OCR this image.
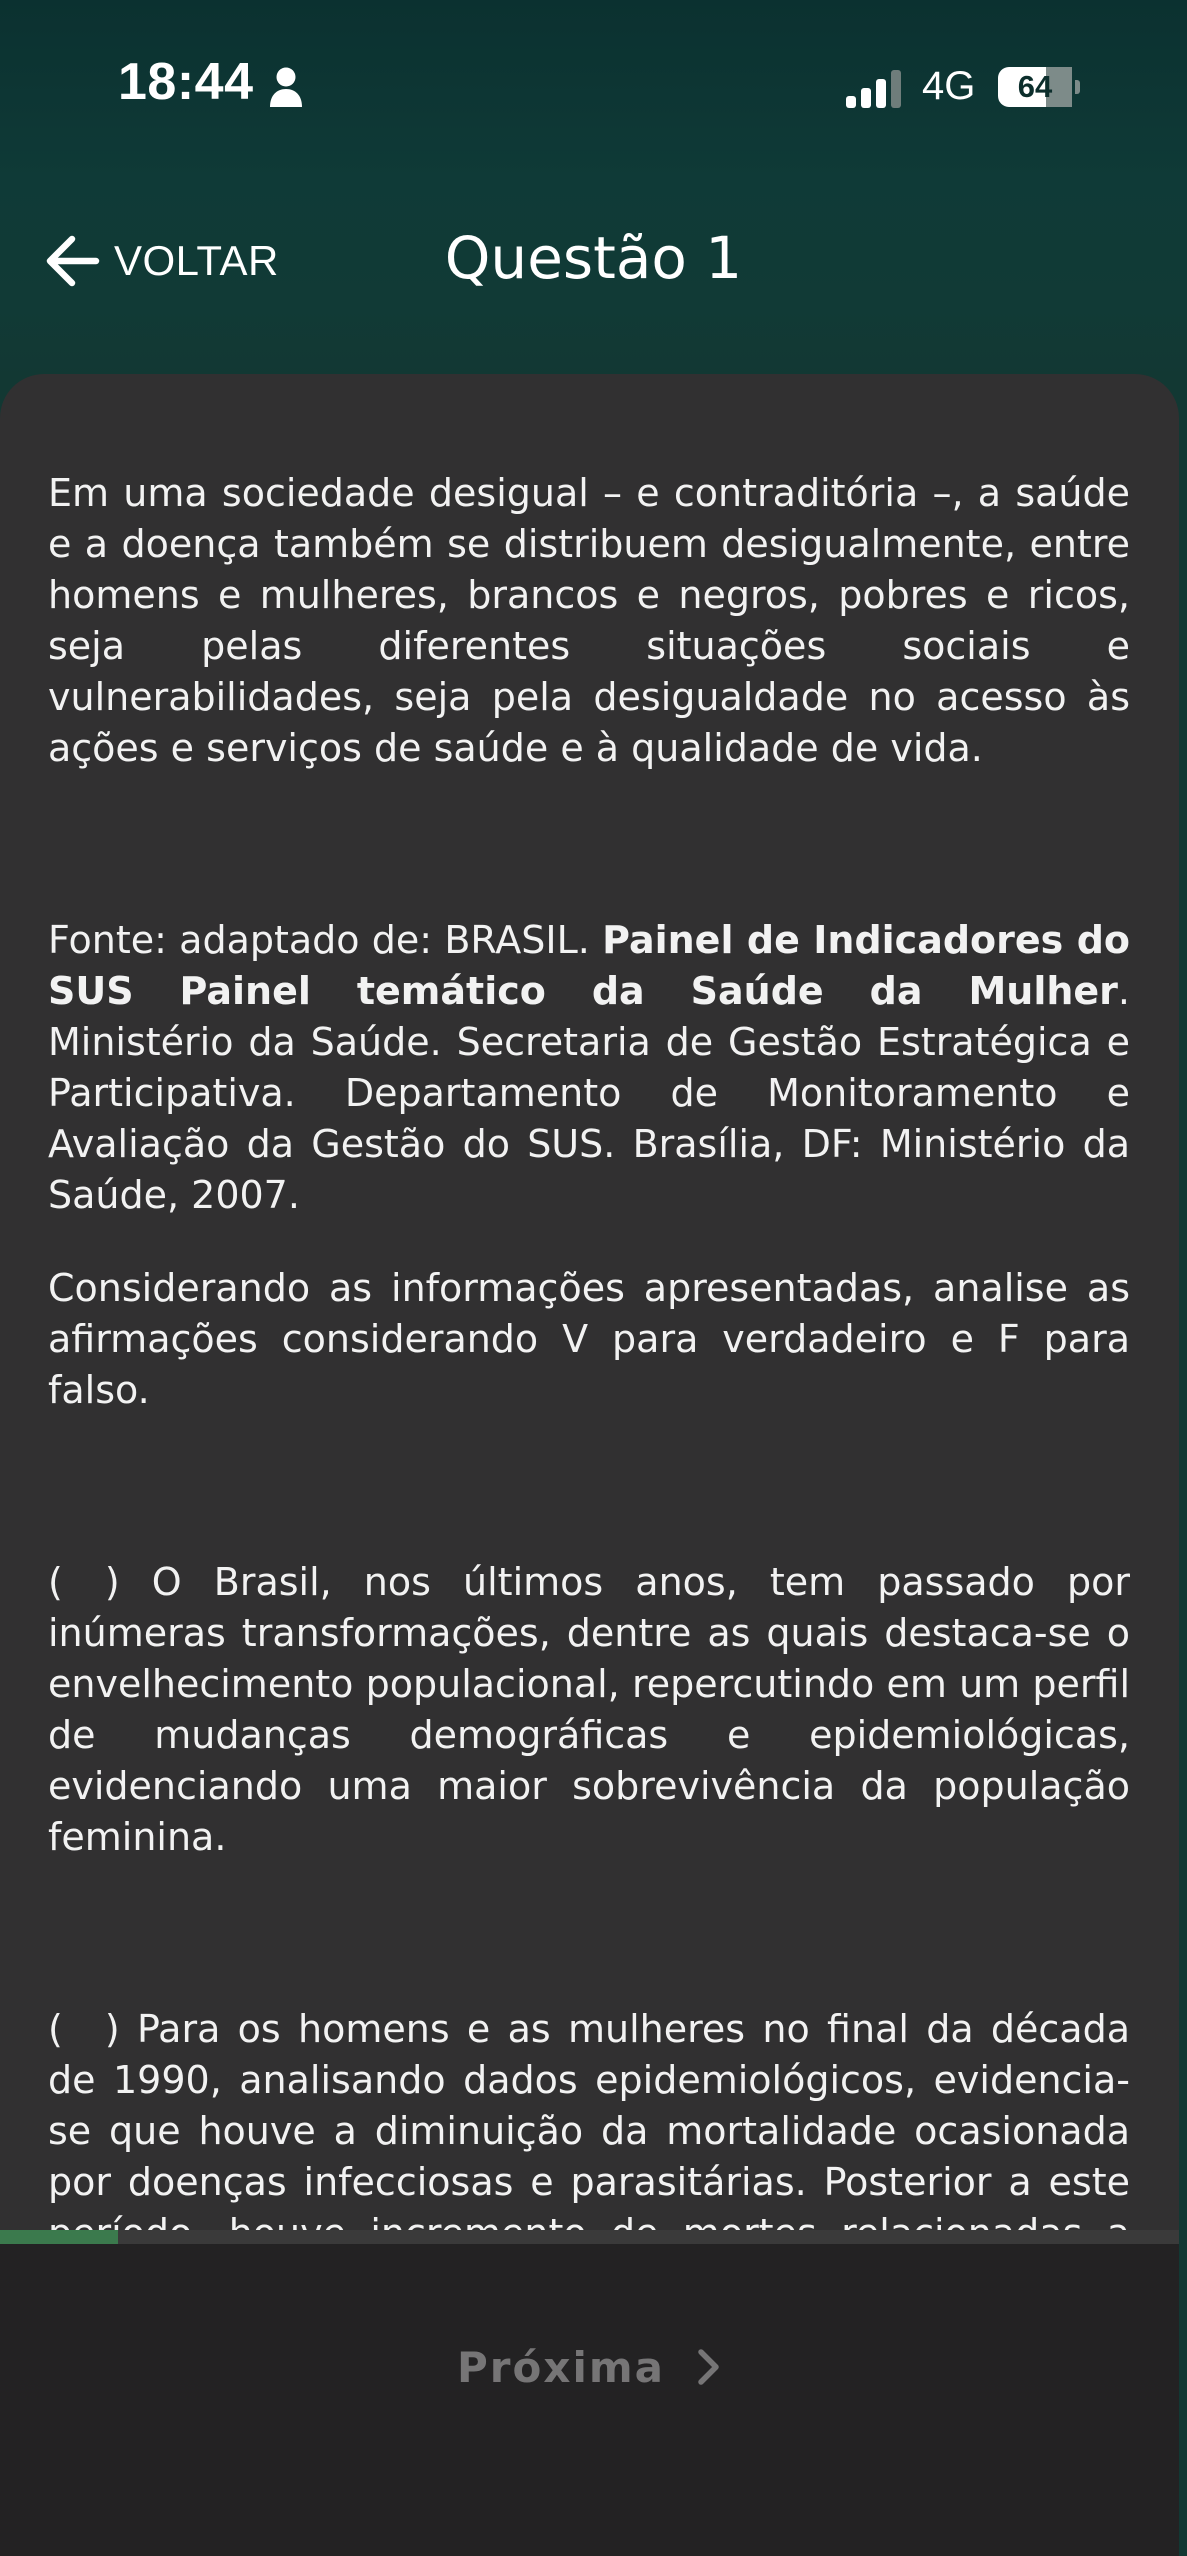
18:44	4G	64
VOLTAR	Questão 1

Em uma sociedade desigual – e contraditória –, a saúde e a doença também se distribuem desigualmente, entre homens e mulheres, brancos e negros, pobres e ricos, seja pelas diferentes situações sociais e vulnerabilidades, seja pela desigualdade no acesso às ações e serviços de saúde e à qualidade de vida.

Fonte: adaptado de: BRASIL. Painel de Indicadores do SUS Painel temático da Saúde da Mulher. Ministério da Saúde. Secretaria de Gestão Estratégica e Participativa. Departamento de Monitoramento e Avaliação da Gestão do SUS. Brasília, DF: Ministério da Saúde, 2007.

Considerando as informações apresentadas, analise as afirmações considerando V para verdadeiro e F para falso.

( ) O Brasil, nos últimos anos, tem passado por inúmeras transformações, dentre as quais destaca-se o envelhecimento populacional, repercutindo em um perfil de mudanças demográficas e epidemiológicas, evidenciando uma maior sobrevivência da população feminina.

( ) Para os homens e as mulheres no final da década de 1990, analisando dados epidemiológicos, evidencia-se que houve a diminuição da mortalidade ocasionada por doenças infecciosas e parasitárias. Posterior a este

Próxima
